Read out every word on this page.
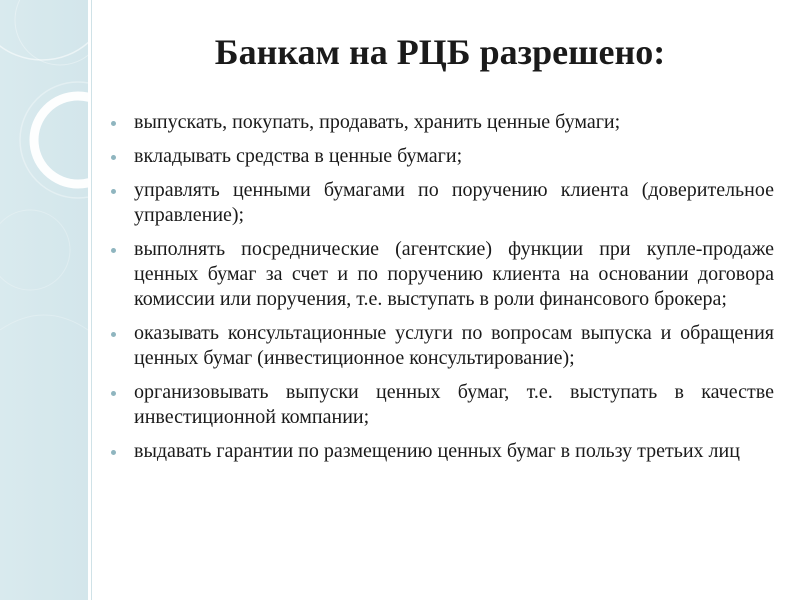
Банкам на РЦБ разрешено:
выпускать, покупать, продавать, хранить ценные бумаги;
вкладывать средства в ценные бумаги;
управлять ценными бумагами по поручению клиента (доверительное управление);
выполнять посреднические (агентские) функции при купле-продаже ценных бумаг за счет и по поручению клиента на основании договора комиссии или поручения, т.е. выступать в роли финансового брокера;
оказывать консультационные услуги по вопросам выпуска и обращения ценных бумаг (инвестиционное консультирование);
организовывать выпуски ценных бумаг, т.е. выступать в качестве инвестиционной компании;
выдавать гарантии по размещению ценных бумаг в пользу третьих лиц
